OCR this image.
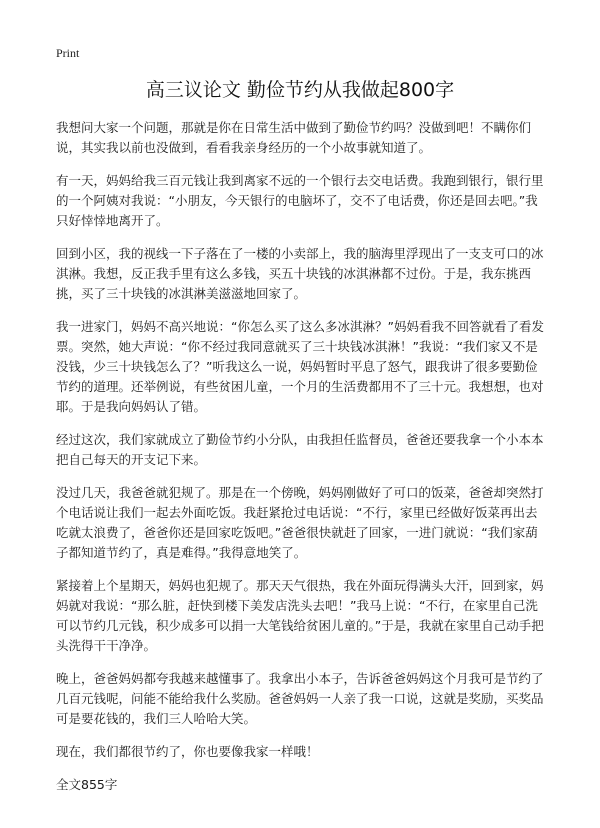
Print
高三议论文 勤俭节约从我做起800字

我想问大家一个问题，那就是你在日常生活中做到了勤俭节约吗？没做到吧！不瞒你们说，其实我以前也没做到，看看我亲身经历的一个小故事就知道了。

有一天，妈妈给我三百元钱让我到离家不远的一个银行去交电话费。我跑到银行，银行里的一个阿姨对我说：“小朋友，今天银行的电脑坏了，交不了电话费，你还是回去吧。”我只好悻悻地离开了。

回到小区，我的视线一下子落在了一楼的小卖部上，我的脑海里浮现出了一支支可口的冰淇淋。我想，反正我手里有这么多钱，买五十块钱的冰淇淋都不过份。于是，我东挑西挑，买了三十块钱的冰淇淋美滋滋地回家了。

我一进家门，妈妈不高兴地说：“你怎么买了这么多冰淇淋？”妈妈看我不回答就看了看发票。突然，她大声说：“你不经过我同意就买了三十块钱冰淇淋！”我说：“我们家又不是没钱，少三十块钱怎么了？”听我这么一说，妈妈暂时平息了怒气，跟我讲了很多要勤俭节约的道理。还举例说，有些贫困儿童，一个月的生活费都用不了三十元。我想想，也对耶。于是我向妈妈认了错。

经过这次，我们家就成立了勤俭节约小分队，由我担任监督员，爸爸还要我拿一个小本本把自己每天的开支记下来。

没过几天，我爸爸就犯规了。那是在一个傍晚，妈妈刚做好了可口的饭菜，爸爸却突然打个电话说让我们一起去外面吃饭。我赶紧抢过电话说：“不行，家里已经做好饭菜再出去吃就太浪费了，爸爸你还是回家吃饭吧。”爸爸很快就赶了回家，一进门就说：“我们家葫子都知道节约了，真是难得。”我得意地笑了。

紧接着上个星期天，妈妈也犯规了。那天天气很热，我在外面玩得满头大汗，回到家，妈妈就对我说：“那么脏，赶快到楼下美发店洗头去吧！”我马上说：“不行，在家里自己洗可以节约几元钱，积少成多可以捐一大笔钱给贫困儿童的。”于是，我就在家里自己动手把头洗得干干净净。

晚上，爸爸妈妈都夸我越来越懂事了。我拿出小本子，告诉爸爸妈妈这个月我可是节约了几百元钱呢，问能不能给我什么奖励。爸爸妈妈一人亲了我一口说，这就是奖励，买奖品可是要花钱的，我们三人哈哈大笑。

现在，我们都很节约了，你也要像我家一样哦！

全文855字
